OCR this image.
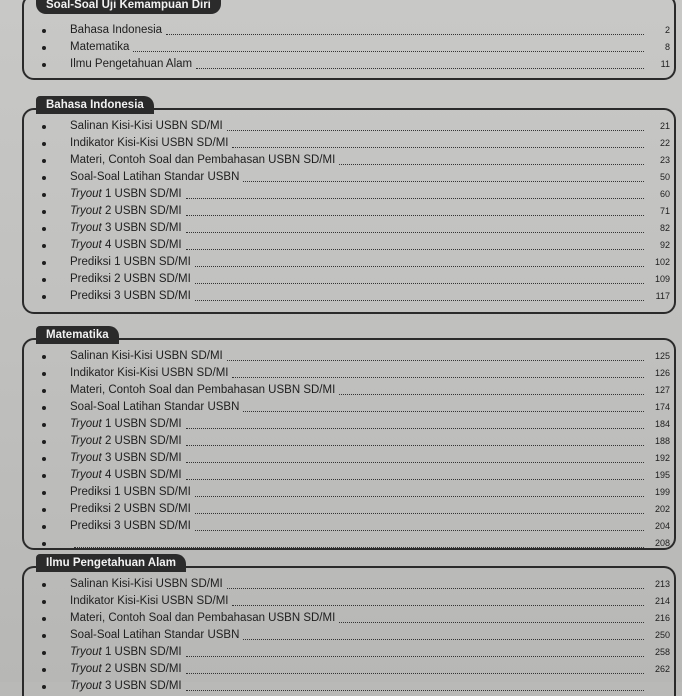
Soal-Soal Uji Kemampuan Diri
Bahasa Indonesia	2
Matematika	8
Ilmu Pengetahuan Alam	11
Bahasa Indonesia
Salinan Kisi-Kisi USBN SD/MI	21
Indikator Kisi-Kisi USBN SD/MI	22
Materi, Contoh Soal dan Pembahasan USBN SD/MI	23
Soal-Soal Latihan Standar USBN	50
Tryout 1 USBN SD/MI	60
Tryout 2 USBN SD/MI	71
Tryout 3 USBN SD/MI	82
Tryout 4 USBN SD/MI	92
Prediksi 1 USBN SD/MI	102
Prediksi 2 USBN SD/MI	109
Prediksi 3 USBN SD/MI	117
Matematika
Salinan Kisi-Kisi USBN SD/MI	125
Indikator Kisi-Kisi USBN SD/MI	126
Materi, Contoh Soal dan Pembahasan USBN SD/MI	127
Soal-Soal Latihan Standar USBN	174
Tryout 1 USBN SD/MI	184
Tryout 2 USBN SD/MI	188
Tryout 3 USBN SD/MI	192
Tryout 4 USBN SD/MI	195
Prediksi 1 USBN SD/MI	199
Prediksi 2 USBN SD/MI	202
Prediksi 3 USBN SD/MI	204
208
Ilmu Pengetahuan Alam
Salinan Kisi-Kisi USBN SD/MI	213
Indikator Kisi-Kisi USBN SD/MI	214
Materi, Contoh Soal dan Pembahasan USBN SD/MI	216
Soal-Soal Latihan Standar USBN	250
Tryout 1 USBN SD/MI	258
Tryout 2 USBN SD/MI	262
Tryout 3 USBN SD/MI
